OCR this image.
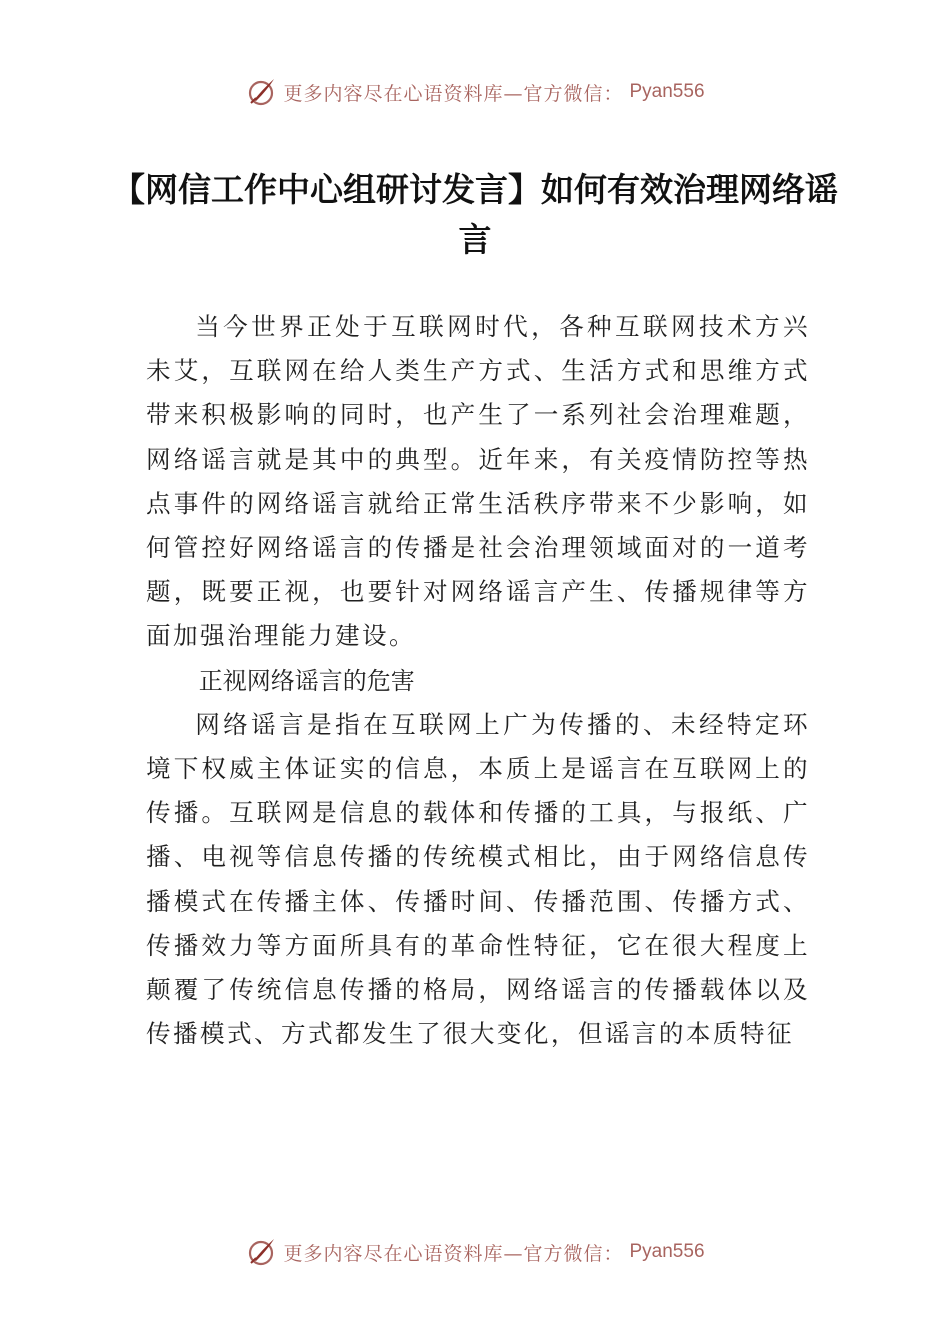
更多内容尽在心语资料库—官方微信： Pyan556
【网信工作中心组研讨发言】如何有效治理网络谣言

当今世界正处于互联网时代，各种互联网技术方兴未艾，互联网在给人类生产方式、生活方式和思维方式带来积极影响的同时，也产生了一系列社会治理难题，网络谣言就是其中的典型。近年来，有关疫情防控等热点事件的网络谣言就给正常生活秩序带来不少影响，如何管控好网络谣言的传播是社会治理领域面对的一道考题，既要正视，也要针对网络谣言产生、传播规律等方面加强治理能力建设。

正视网络谣言的危害

网络谣言是指在互联网上广为传播的、未经特定环境下权威主体证实的信息，本质上是谣言在互联网上的传播。互联网是信息的载体和传播的工具，与报纸、广播、电视等信息传播的传统模式相比，由于网络信息传播模式在传播主体、传播时间、传播范围、传播方式、传播效力等方面所具有的革命性特征，它在很大程度上颠覆了传统信息传播的格局，网络谣言的传播载体以及传播模式、方式都发生了很大变化，但谣言的本质特征

更多内容尽在心语资料库—官方微信： Pyan556
